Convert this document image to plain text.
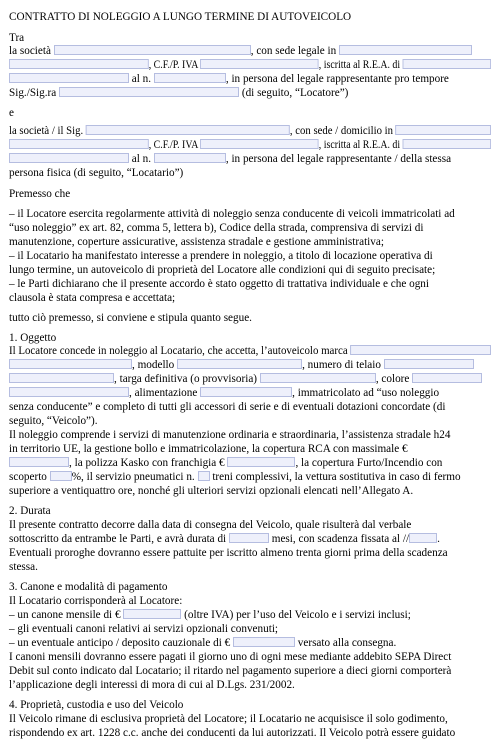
CONTRATTO DI NOLEGGIO A LUNGO TERMINE DI AUTOVEICOLO
Tra
la società	, con sede legale in
, C.F./P. IVA	, iscritta al R.E.A. di
al n.	, in persona del legale rappresentante pro tempore
Sig./Sig.ra	(di seguito, “Locatore”)
e
la società / il Sig.	, con sede / domicilio in
, C.F./P. IVA	, iscritta al R.E.A. di
al n.	, in persona del legale rappresentante / della stessa
persona fisica (di seguito, “Locatario”)
Premesso che
– il Locatore esercita regolarmente attività di noleggio senza conducente di veicoli immatricolati ad
“uso noleggio” ex art. 82, comma 5, lettera b), Codice della strada, comprensiva di servizi di
manutenzione, coperture assicurative, assistenza stradale e gestione amministrativa;
– il Locatario ha manifestato interesse a prendere in noleggio, a titolo di locazione operativa di
lungo termine, un autoveicolo di proprietà del Locatore alle condizioni qui di seguito precisate;
– le Parti dichiarano che il presente accordo è stato oggetto di trattativa individuale e che ogni
clausola è stata compresa e accettata;
tutto ciò premesso, si conviene e stipula quanto segue.
1. Oggetto
Il Locatore concede in noleggio al Locatario, che accetta, l’autoveicolo marca
, modello	, numero di telaio
, targa definitiva (o provvisoria)	, colore
, alimentazione	, immatricolato ad “uso noleggio
senza conducente” e completo di tutti gli accessori di serie e di eventuali dotazioni concordate (di
seguito, “Veicolo”).
Il noleggio comprende i servizi di manutenzione ordinaria e straordinaria, l’assistenza stradale h24
in territorio UE, la gestione bollo e immatricolazione, la copertura RCA con massimale €
, la polizza Kasko con franchigia €	, la copertura Furto/Incendio con
scoperto %, il servizio pneumatici n. treni complessivi, la vettura sostitutiva in caso di fermo
superiore a ventiquattro ore, nonché gli ulteriori servizi opzionali elencati nell’Allegato A.
2. Durata
Il presente contratto decorre dalla data di consegna del Veicolo, quale risulterà dal verbale
sottoscritto da entrambe le Parti, e avrà durata di	mesi, con scadenza fissata al //	.
Eventuali proroghe dovranno essere pattuite per iscritto almeno trenta giorni prima della scadenza
stessa.
3. Canone e modalità di pagamento
Il Locatario corrisponderà al Locatore:
– un canone mensile di €	(oltre IVA) per l’uso del Veicolo e i servizi inclusi;
– gli eventuali canoni relativi ai servizi opzionali convenuti;
– un eventuale anticipo / deposito cauzionale di €	versato alla consegna.
I canoni mensili dovranno essere pagati il giorno uno di ogni mese mediante addebito SEPA Direct
Debit sul conto indicato dal Locatario; il ritardo nel pagamento superiore a dieci giorni comporterà
l’applicazione degli interessi di mora di cui al D.Lgs. 231/2002.
4. Proprietà, custodia e uso del Veicolo
Il Veicolo rimane di esclusiva proprietà del Locatore; il Locatario ne acquisisce il solo godimento,
rispondendo ex art. 1228 c.c. anche dei conducenti da lui autorizzati. Il Veicolo potrà essere guidato
